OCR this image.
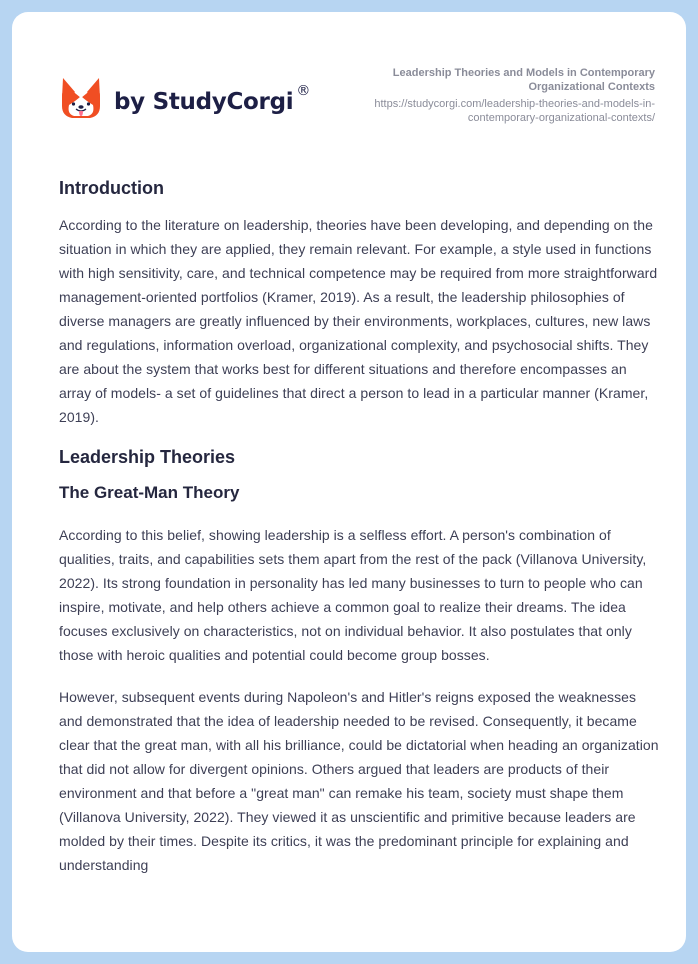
by StudyCorgi ®
Leadership Theories and Models in Contemporary Organizational Contexts
https://studycorgi.com/leadership-theories-and-models-in-contemporary-organizational-contexts/
Introduction

According to the literature on leadership, theories have been developing, and depending on the situation in which they are applied, they remain relevant. For example, a style used in functions with high sensitivity, care, and technical competence may be required from more straightforward management-oriented portfolios (Kramer, 2019). As a result, the leadership philosophies of diverse managers are greatly influenced by their environments, workplaces, cultures, new laws and regulations, information overload, organizational complexity, and psychosocial shifts. They are about the system that works best for different situations and therefore encompasses an array of models- a set of guidelines that direct a person to lead in a particular manner (Kramer, 2019).

Leadership Theories
The Great-Man Theory

According to this belief, showing leadership is a selfless effort. A person's combination of qualities, traits, and capabilities sets them apart from the rest of the pack (Villanova University, 2022). Its strong foundation in personality has led many businesses to turn to people who can inspire, motivate, and help others achieve a common goal to realize their dreams. The idea focuses exclusively on characteristics, not on individual behavior. It also postulates that only those with heroic qualities and potential could become group bosses.

However, subsequent events during Napoleon's and Hitler's reigns exposed the weaknesses and demonstrated that the idea of leadership needed to be revised. Consequently, it became clear that the great man, with all his brilliance, could be dictatorial when heading an organization that did not allow for divergent opinions. Others argued that leaders are products of their environment and that before a "great man" can remake his team, society must shape them (Villanova University, 2022). They viewed it as unscientific and primitive because leaders are molded by their times. Despite its critics, it was the predominant principle for explaining and understanding
